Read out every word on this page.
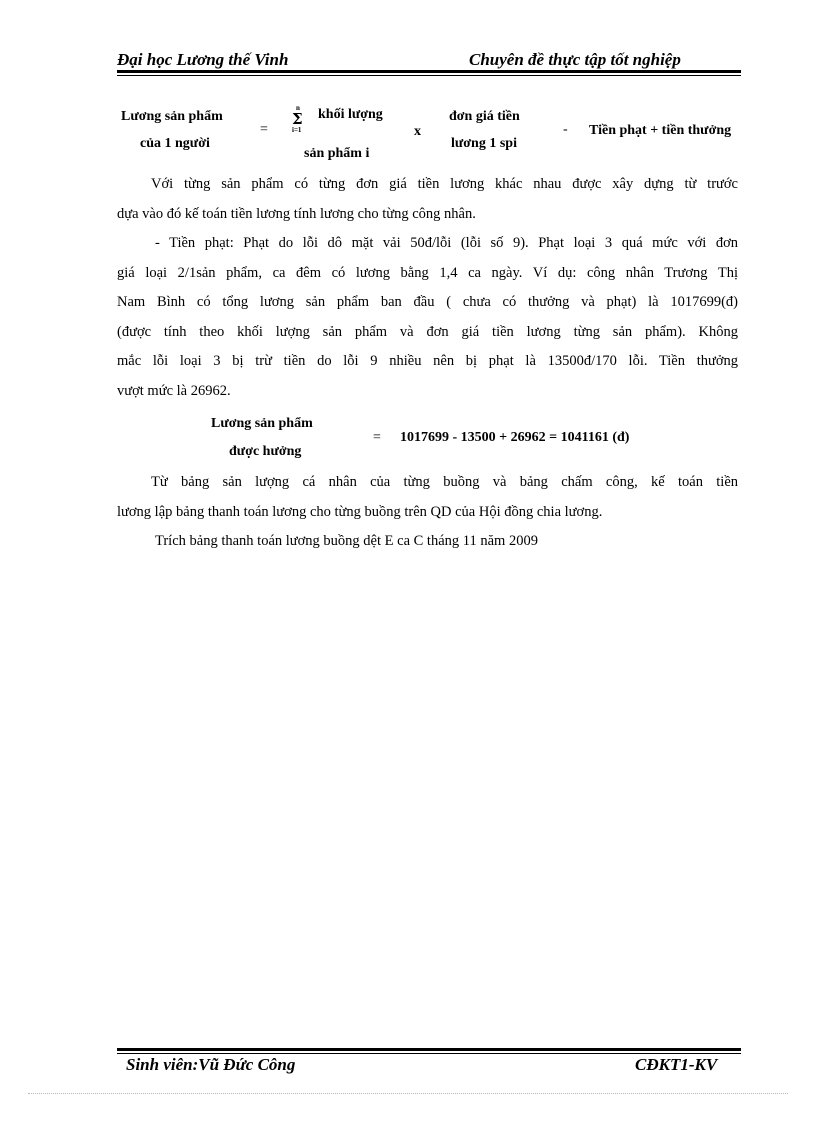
Đại học Lương thế Vinh	Chuyên đề thực tập tốt nghiệp
Lương sản phẩm
của 1 người
=
n
Σ
i=1
khối lượng
sản phẩm i
x
đơn giá tiền
lương 1 spi
- Tiền phạt + tiền thưởng
Với từng sản phẩm có từng đơn giá tiền lương khác nhau được xây dựng từ trước
dựa vào đó kế toán tiền lương tính lương cho từng công nhân.
- Tiền phạt: Phạt do lỗi dô mặt vải 50đ/lỗi (lỗi số 9). Phạt loại 3 quá mức với đơn
giá loại 2/1sản phẩm, ca đêm có lương bằng 1,4 ca ngày. Ví dụ: công nhân Trương Thị
Nam Bình có tổng lương sản phẩm ban đầu ( chưa có thưởng và phạt) là 1017699(đ)
(được tính theo khối lượng sản phẩm và đơn giá tiền lương từng sản phẩm). Không
mắc lỗi loại 3 bị trừ tiền do lỗi 9 nhiều nên bị phạt là 13500đ/170 lỗi. Tiền thưởng
vượt mức là 26962.
Lương sản phẩm
được hưởng
= 1017699 - 13500 + 26962 = 1041161 (đ)
Từ bảng sản lượng cá nhân của từng buồng và bảng chấm công, kế toán tiền
lương lập bảng thanh toán lương cho từng buồng trên QD của Hội đồng chia lương.
Trích bảng thanh toán lương buồng dệt E ca C tháng 11 năm 2009
Sinh viên:Vũ Đức Công	CĐKT1-KV
